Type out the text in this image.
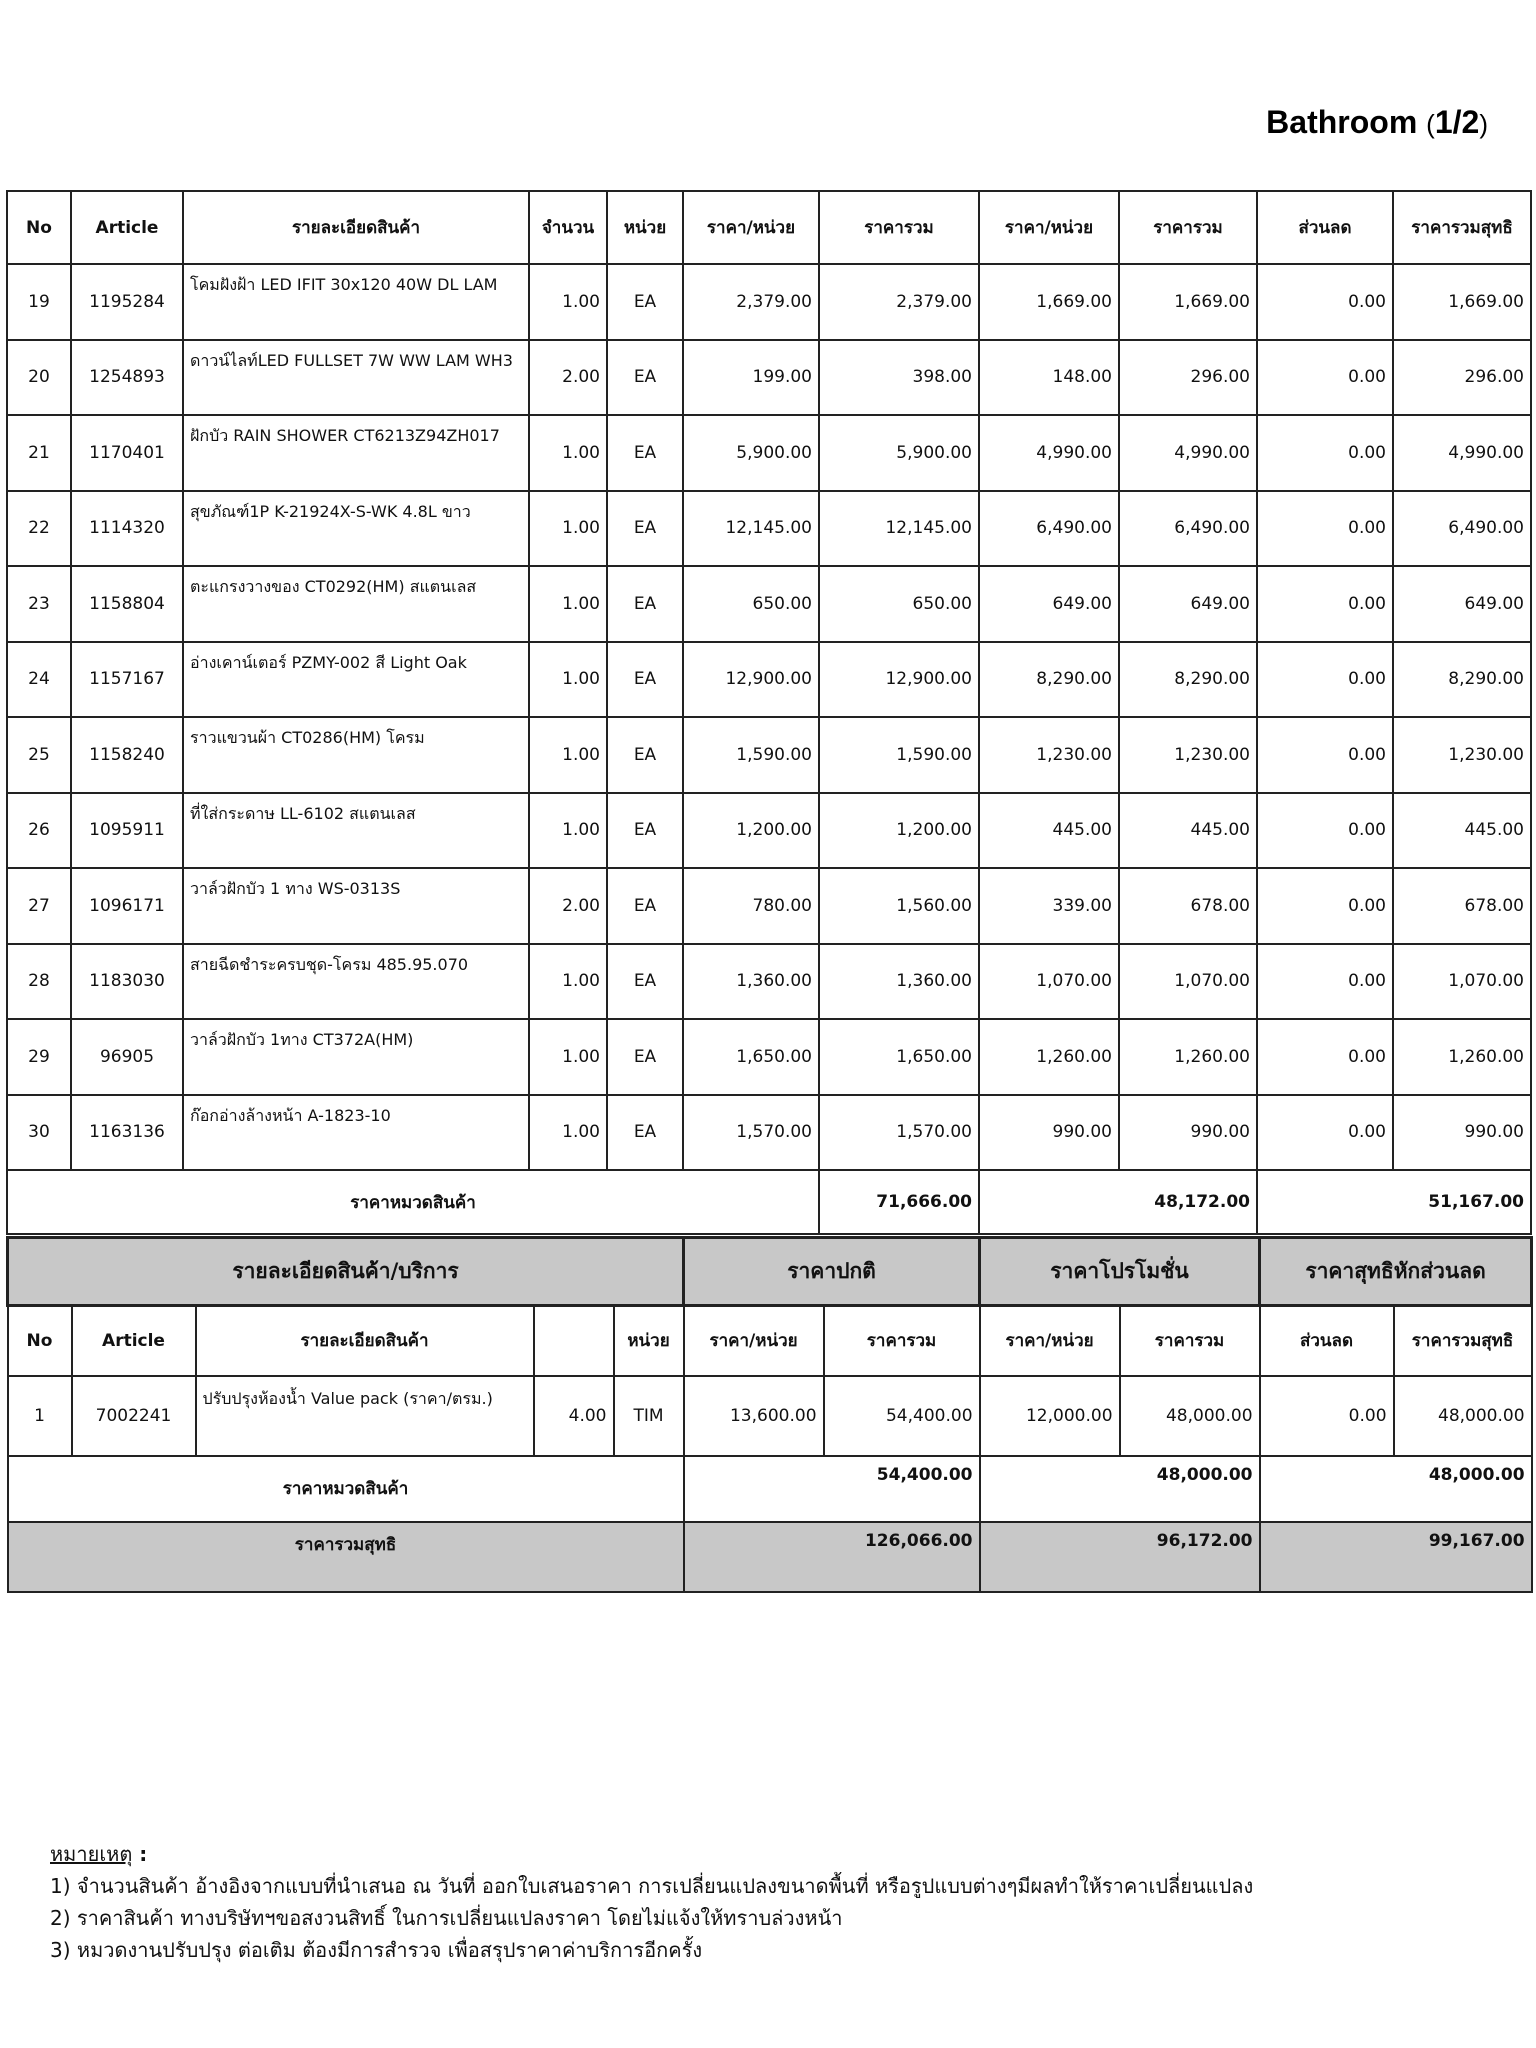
Bathroom (1/2)
No	Article	รายละเอียดสินค้า	จำนวน	หน่วย	ราคา/หน่วย	ราคารวม	ราคา/หน่วย	ราคารวม	ส่วนลด	ราคารวมสุทธิ
19	1195284	โคมฝังฝ้า LED IFIT 30x120 40W DL LAM	1.00	EA	2,379.00	2,379.00	1,669.00	1,669.00	0.00	1,669.00
20	1254893	ดาวน์ไลท์LED FULLSET 7W WW LAM WH3	2.00	EA	199.00	398.00	148.00	296.00	0.00	296.00
21	1170401	ฝักบัว RAIN SHOWER CT6213Z94ZH017	1.00	EA	5,900.00	5,900.00	4,990.00	4,990.00	0.00	4,990.00
22	1114320	สุขภัณฑ์1P K-21924X-S-WK 4.8L ขาว	1.00	EA	12,145.00	12,145.00	6,490.00	6,490.00	0.00	6,490.00
23	1158804	ตะแกรงวางของ CT0292(HM) สแตนเลส	1.00	EA	650.00	650.00	649.00	649.00	0.00	649.00
24	1157167	อ่างเคาน์เตอร์ PZMY-002 สี Light Oak	1.00	EA	12,900.00	12,900.00	8,290.00	8,290.00	0.00	8,290.00
25	1158240	ราวแขวนผ้า CT0286(HM) โครม	1.00	EA	1,590.00	1,590.00	1,230.00	1,230.00	0.00	1,230.00
26	1095911	ที่ใส่กระดาษ LL-6102 สแตนเลส	1.00	EA	1,200.00	1,200.00	445.00	445.00	0.00	445.00
27	1096171	วาล์วฝักบัว 1 ทาง WS-0313S	2.00	EA	780.00	1,560.00	339.00	678.00	0.00	678.00
28	1183030	สายฉีดชำระครบชุด-โครม 485.95.070	1.00	EA	1,360.00	1,360.00	1,070.00	1,070.00	0.00	1,070.00
29	96905	วาล์วฝักบัว 1ทาง CT372A(HM)	1.00	EA	1,650.00	1,650.00	1,260.00	1,260.00	0.00	1,260.00
30	1163136	ก๊อกอ่างล้างหน้า A-1823-10	1.00	EA	1,570.00	1,570.00	990.00	990.00	0.00	990.00
ราคาหมวดสินค้า						71,666.00	48,172.00		51,167.00	
รายละเอียดสินค้า/บริการ					ราคาปกติ		ราคาโปรโมชั่น		ราคาสุทธิหักส่วนลด	
No	Article	รายละเอียดสินค้า		หน่วย	ราคา/หน่วย	ราคารวม	ราคา/หน่วย	ราคารวม	ส่วนลด	ราคารวมสุทธิ
1	7002241	ปรับปรุงห้องน้ำ Value pack (ราคา/ตรม.)	4.00	TIM	13,600.00	54,400.00	12,000.00	48,000.00	0.00	48,000.00
ราคาหมวดสินค้า					54,400.00		48,000.00		48,000.00	
ราคารวมสุทธิ					126,066.00		96,172.00		99,167.00	
หมายเหตุ :
1) จำนวนสินค้า อ้างอิงจากแบบที่นำเสนอ ณ วันที่ ออกใบเสนอราคา การเปลี่ยนแปลงขนาดพื้นที่ หรือรูปแบบต่างๆมีผลทำให้ราคาเปลี่ยนแปลง
2) ราคาสินค้า ทางบริษัทฯขอสงวนสิทธิ์ ในการเปลี่ยนแปลงราคา โดยไม่แจ้งให้ทราบล่วงหน้า
3) หมวดงานปรับปรุง ต่อเติม ต้องมีการสำรวจ เพื่อสรุปราคาค่าบริการอีกครั้ง
